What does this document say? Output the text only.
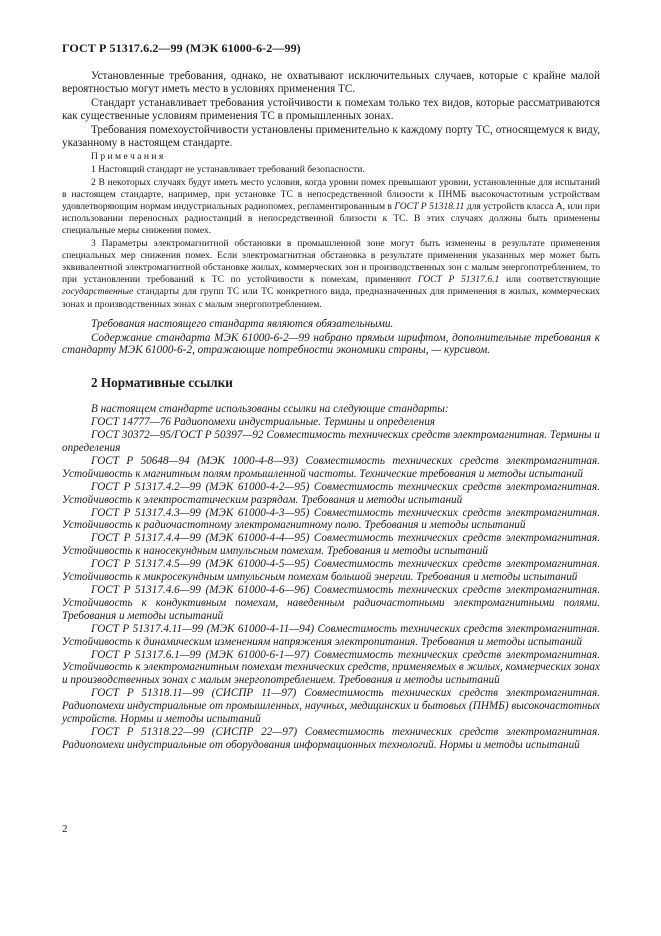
ГОСТ Р 51317.6.2—99 (МЭК 61000-6-2—99)

Установленные требования, однако, не охватывают исключительных случаев, которые с крайне малой вероятностью могут иметь место в условиях применения ТС.

Стандарт устанавливает требования устойчивости к помехам только тех видов, которые рассматриваются как существенные условиям применения ТС в промышленных зонах.

Требования помехоустойчивости установлены применительно к каждому порту ТС, относящемуся к виду, указанному в настоящем стандарте.

Примечания

1 Настоящий стандарт не устанавливает требований безопасности.

2 В некоторых случаях будут иметь место условия, когда уровни помех превышают уровни, установленные для испытаний в настоящем стандарте, например, при установке ТС в непосредственной близости к ПНМБ высокочастотным устройствам удовлетворяющим нормам индустриальных радиопомех, регламентированным в ГОСТ Р 51318.11 для устройств класса А, или при использовании переносных радиостанций в непосредственной близости к ТС. В этих случаях должны быть применены специальные меры снижения помех.

3 Параметры электромагнитной обстановки в промышленной зоне могут быть изменены в результате применения специальных мер снижения помех. Если электромагнитная обстановка в результате применения указанных мер может быть эквивалентной электромагнитной обстановке жилых, коммерческих зон и производственных зон с малым энергопотреблением, то при установлении требований к ТС по устойчивости к помехам, применяют ГОСТ Р 51317.6.1 или соответствующие государственные стандарты для групп ТС или ТС конкретного вида, предназначенных для применения в жилых, коммерческих зонах и производственных зонах с малым энергопотреблением.

Требования настоящего стандарта являются обязательными.

Содержание стандарта МЭК 61000-6-2—99 набрано прямым шрифтом, дополнительные требования к стандарту МЭК 61000-6-2, отражающие потребности экономики страны, — курсивом.

2 Нормативные ссылки

В настоящем стандарте использованы ссылки на следующие стандарты:

ГОСТ 14777—76 Радиопомехи индустриальные. Термины и определения

ГОСТ 30372—95/ГОСТ Р 50397—92 Совместимость технических средств электромагнитная. Термины и определения

ГОСТ Р 50648—94 (МЭК 1000-4-8—93) Совместимость технических средств электромагнитная. Устойчивость к магнитным полям промышленной частоты. Технические требования и методы испытаний

ГОСТ Р 51317.4.2—99 (МЭК 61000-4-2—95) Совместимость технических средств электромагнитная. Устойчивость к электростатическим разрядам. Требования и методы испытаний

ГОСТ Р 51317.4.3—99 (МЭК 61000-4-3—95) Совместимость технических средств электромагнитная. Устойчивость к радиочастотному электромагнитному полю. Требования и методы испытаний

ГОСТ Р 51317.4.4—99 (МЭК 61000-4-4—95) Совместимость технических средств электромагнитная. Устойчивость к наносекундным импульсным помехам. Требования и методы испытаний

ГОСТ Р 51317.4.5—99 (МЭК 61000-4-5—95) Совместимость технических средств электромагнитная. Устойчивость к микросекундным импульсным помехам большой энергии. Требования и методы испытаний

ГОСТ Р 51317.4.6—99 (МЭК 61000-4-6—96) Совместимость технических средств электромагнитная. Устойчивость к кондуктивным помехам, наведенным радиочастотными электромагнитными полями. Требования и методы испытаний

ГОСТ Р 51317.4.11—99 (МЭК 61000-4-11—94) Совместимость технических средств электромагнитная. Устойчивость к динамическим изменениям напряжения электропитания. Требования и методы испытаний

ГОСТ Р 51317.6.1—99 (МЭК 61000-6-1—97) Совместимость технических средств электромагнитная. Устойчивость к электромагнитным помехам технических средств, применяемых в жилых, коммерческих зонах и производственных зонах с малым энергопотреблением. Требования и методы испытаний

ГОСТ Р 51318.11—99 (СИСПР 11—97) Совместимость технических средств электромагнитная. Радиопомехи индустриальные от промышленных, научных, медицинских и бытовых (ПНМБ) высокочастотных устройств. Нормы и методы испытаний

ГОСТ Р 51318.22—99 (СИСПР 22—97) Совместимость технических средств электромагнитная. Радиопомехи индустриальные от оборудования информационных технологий. Нормы и методы испытаний

2
